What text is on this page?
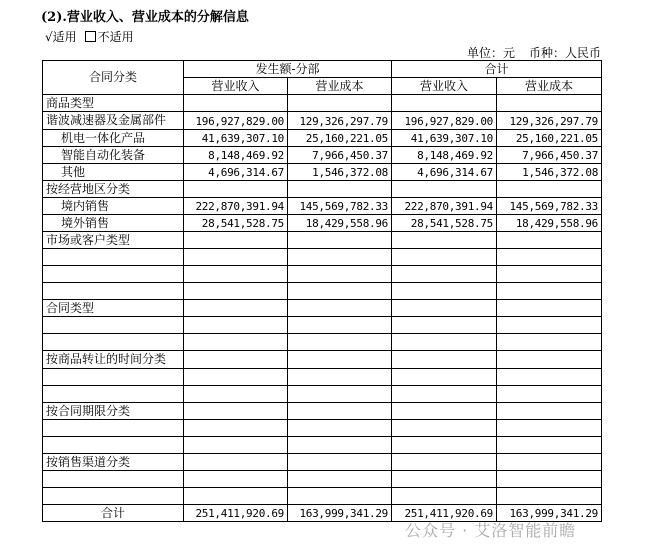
(2).营业收入、营业成本的分解信息
√适用 不适用
单位：元 币种：人民币
合同分类	发生额-分部		合计	
	营业收入	营业成本	营业收入	营业成本
商品类型				
谐波减速器及金属部件	196,927,829.00	129,326,297.79	196,927,829.00	129,326,297.79
机电一体化产品	41,639,307.10	25,160,221.05	41,639,307.10	25,160,221.05
智能自动化装备	8,148,469.92	7,966,450.37	8,148,469.92	7,966,450.37
其他	4,696,314.67	1,546,372.08	4,696,314.67	1,546,372.08
按经营地区分类				
境内销售	222,870,391.94	145,569,782.33	222,870,391.94	145,569,782.33
境外销售	28,541,528.75	18,429,558.96	28,541,528.75	18,429,558.96
市场或客户类型				

合同类型				

按商品转让的时间分类				

按合同期限分类				

按销售渠道分类				

合计	251,411,920.69	163,999,341.29	251,411,920.69	163,999,341.29
公众号 · 艾洛智能前瞻
